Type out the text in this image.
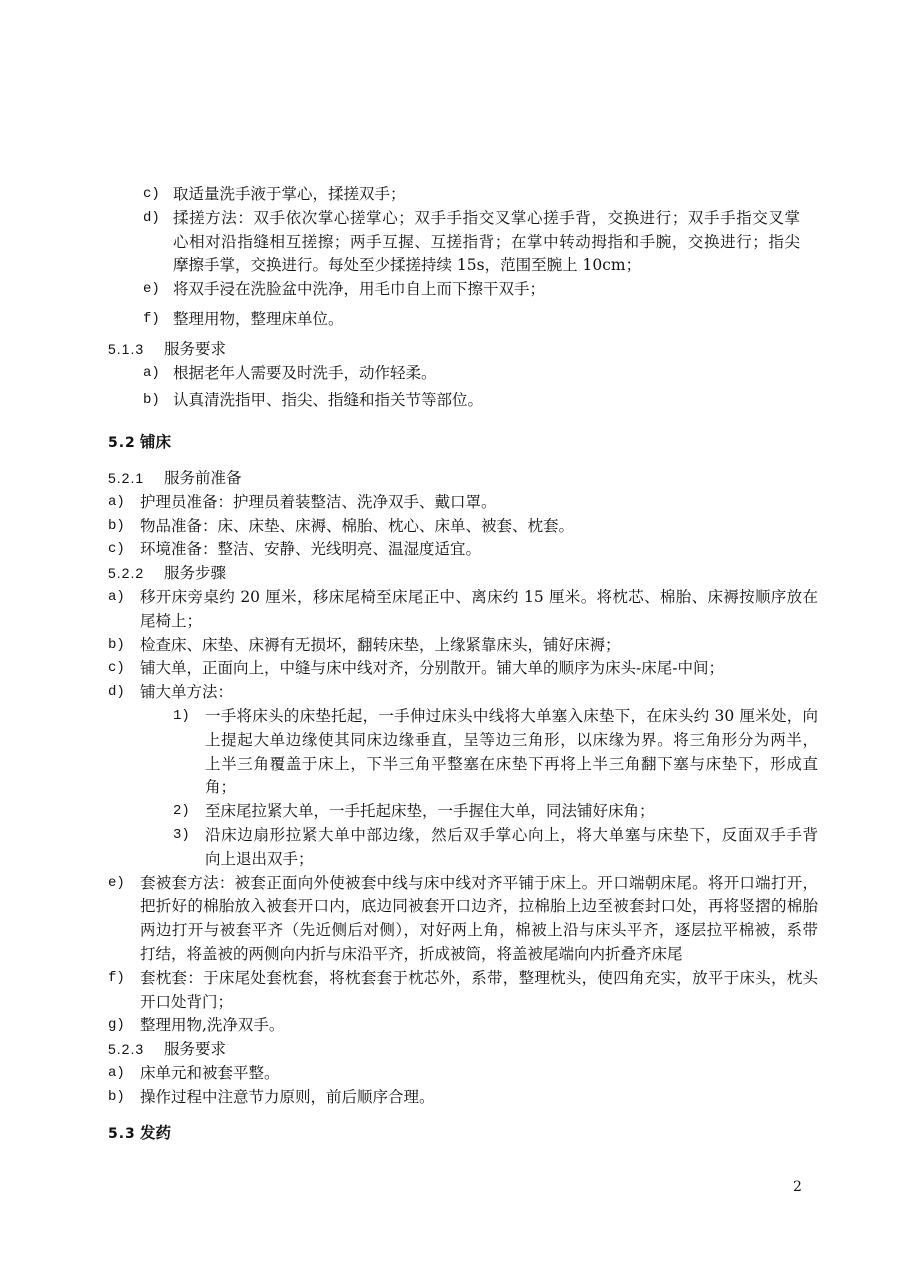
c) 取适量洗手液于掌心，揉搓双手；
d) 揉搓方法：双手依次掌心搓掌心；双手手指交叉掌心搓手背，交换进行；双手手指交叉掌
心相对沿指缝相互搓擦；两手互握、互搓指背；在掌中转动拇指和手腕，交换进行；指尖
摩擦手掌，交换进行。每处至少揉搓持续 15s，范围至腕上 10cm；
e) 将双手浸在洗脸盆中洗净，用毛巾自上而下擦干双手；
f) 整理用物，整理床单位。
5.1.3 服务要求
a) 根据老年人需要及时洗手，动作轻柔。
b) 认真清洗指甲、指尖、指缝和指关节等部位。
5.2 铺床
5.2.1 服务前准备
a) 护理员准备：护理员着装整洁、洗净双手、戴口罩。
b) 物品准备：床、床垫、床褥、棉胎、枕心、床单、被套、枕套。
c) 环境准备：整洁、安静、光线明亮、温湿度适宜。
5.2.2 服务步骤
a) 移开床旁桌约 20 厘米，移床尾椅至床尾正中、离床约 15 厘米。将枕芯、棉胎、床褥按顺序放在
尾椅上；
b) 检查床、床垫、床褥有无损坏，翻转床垫，上缘紧靠床头，铺好床褥；
c) 铺大单，正面向上，中缝与床中线对齐，分别散开。铺大单的顺序为床头-床尾-中间；
d) 铺大单方法：
1) 一手将床头的床垫托起，一手伸过床头中线将大单塞入床垫下，在床头约 30 厘米处，向
上提起大单边缘使其同床边缘垂直，呈等边三角形，以床缘为界。将三角形分为两半，
上半三角覆盖于床上，下半三角平整塞在床垫下再将上半三角翻下塞与床垫下，形成直
角；
2) 至床尾拉紧大单，一手托起床垫，一手握住大单，同法铺好床角；
3) 沿床边扇形拉紧大单中部边缘，然后双手掌心向上，将大单塞与床垫下，反面双手手背
向上退出双手；
e) 套被套方法：被套正面向外使被套中线与床中线对齐平铺于床上。开口端朝床尾。将开口端打开，
把折好的棉胎放入被套开口内，底边同被套开口边齐，拉棉胎上边至被套封口处，再将竖摺的棉胎
两边打开与被套平齐（先近侧后对侧），对好两上角，棉被上沿与床头平齐，逐层拉平棉被，系带
打结，将盖被的两侧向内折与床沿平齐，折成被筒，将盖被尾端向内折叠齐床尾
f) 套枕套：于床尾处套枕套，将枕套套于枕芯外，系带，整理枕头，使四角充实，放平于床头，枕头
开口处背门；
g) 整理用物,洗净双手。
5.2.3 服务要求
a) 床单元和被套平整。
b) 操作过程中注意节力原则，前后顺序合理。
5.3 发药
2
